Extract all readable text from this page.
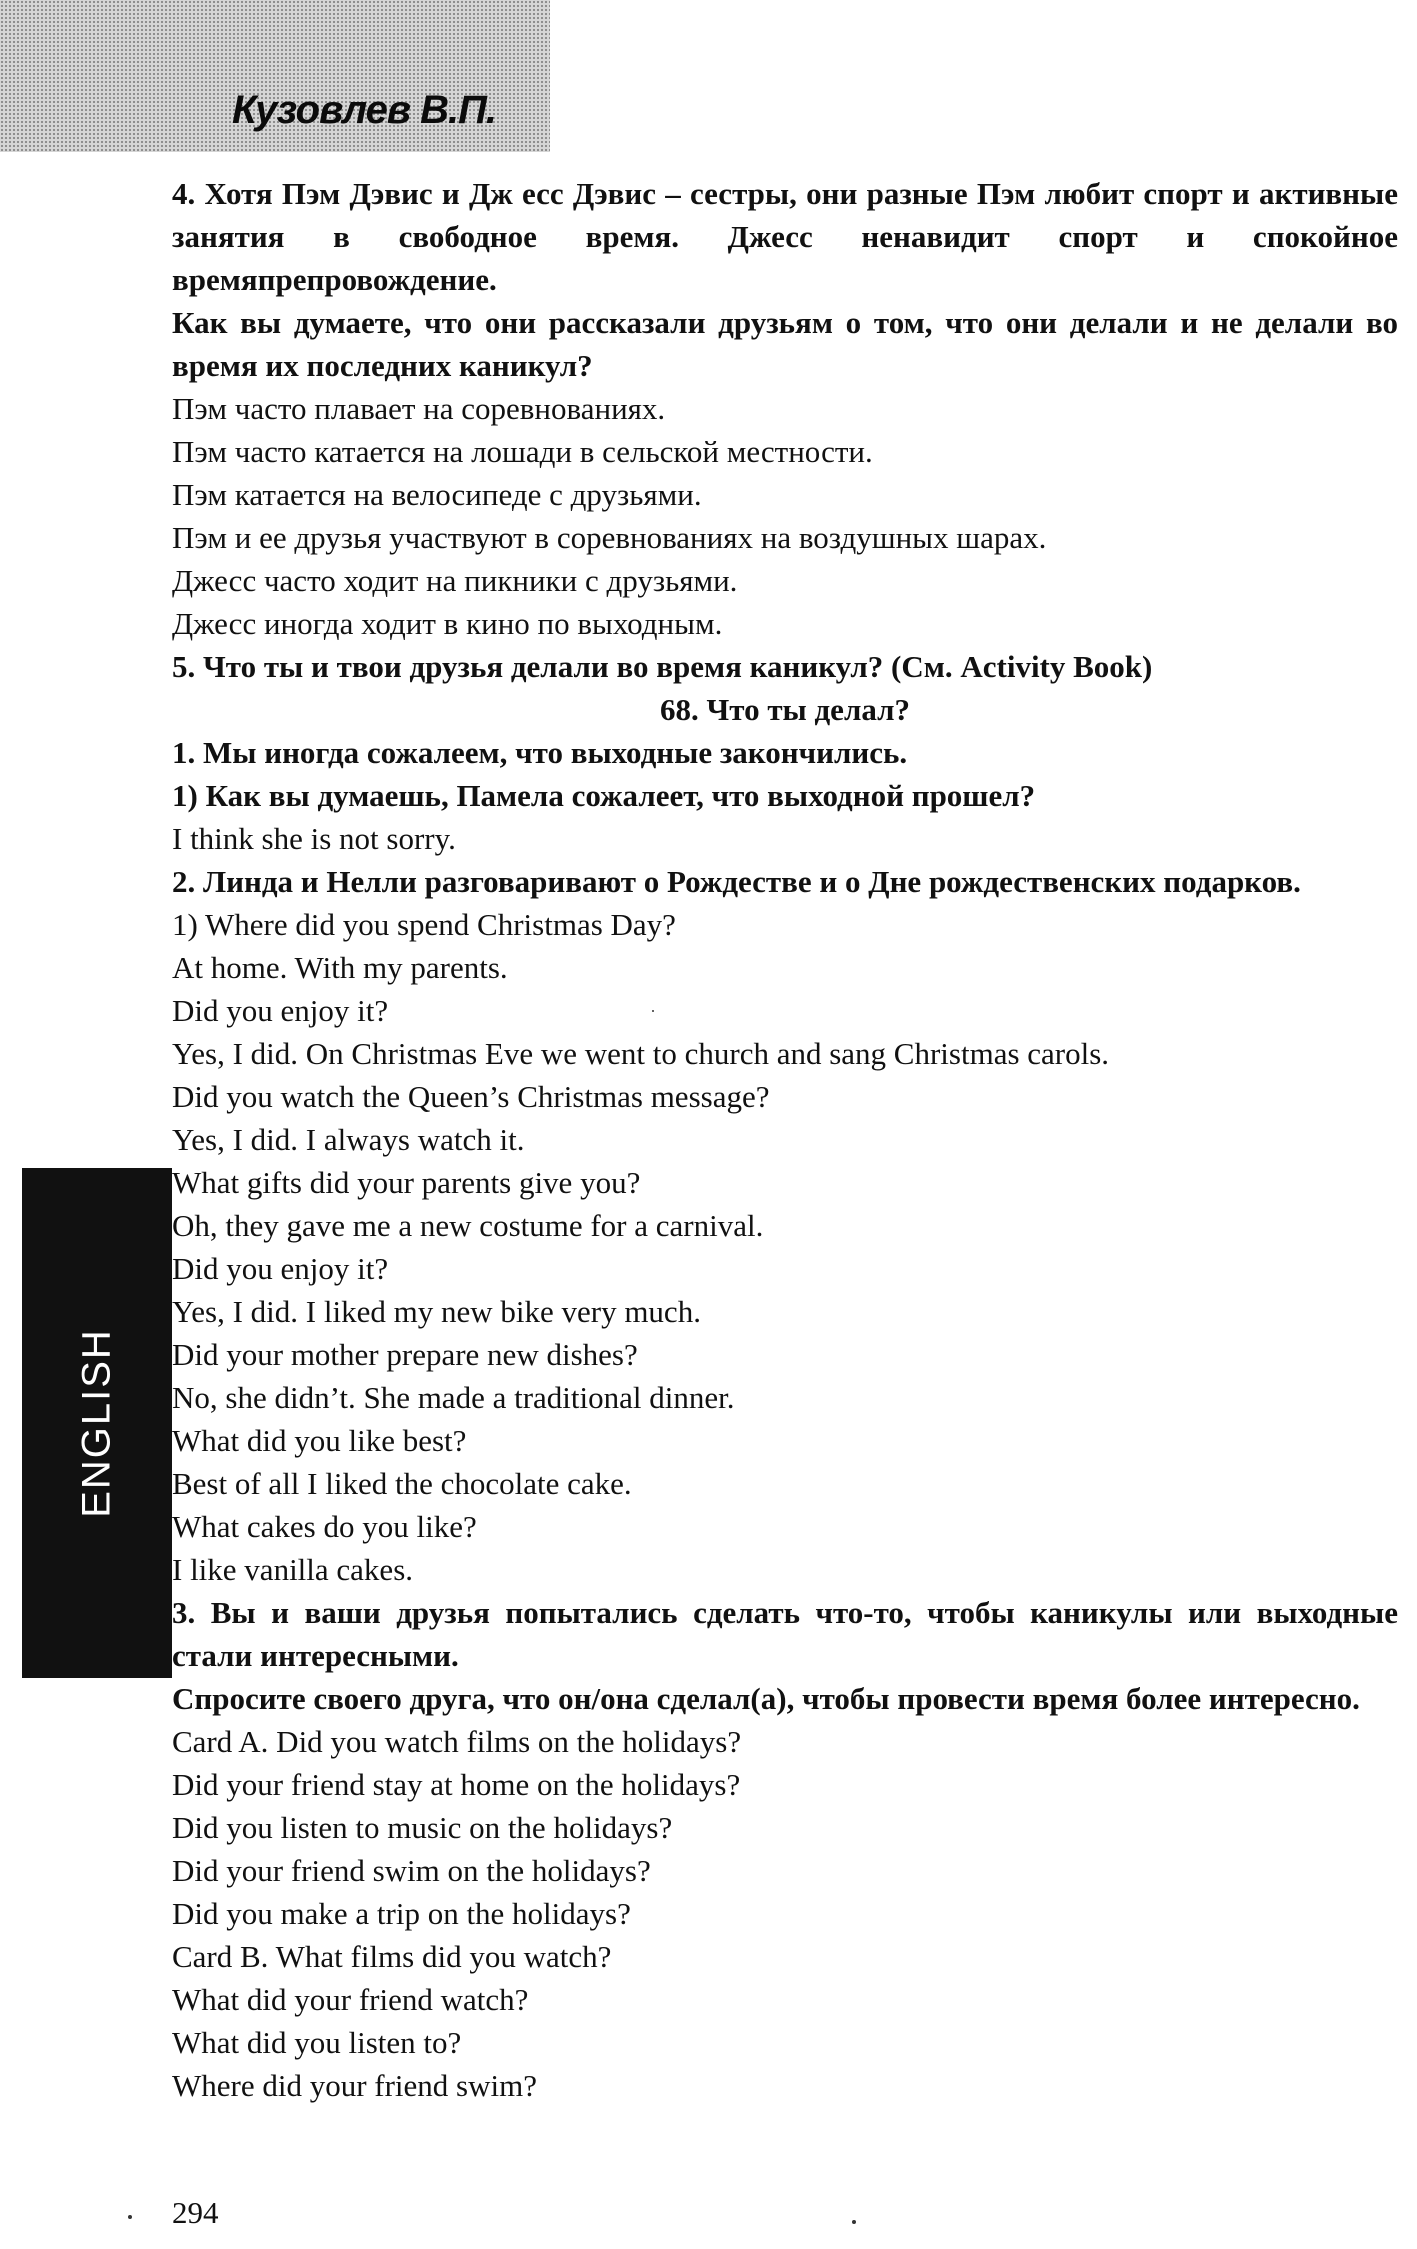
Кузовлев В.П.
ENGLISH

4. Хотя Пэм Дэвис и Дж есс Дэвис – сестры, они разные Пэм любит спорт и активные занятия в свободное время. Джесс ненавидит спорт и спокойное времяпрепровождение.

Как вы думаете, что они рассказали друзьям о том, что они делали и не делали во время их последних каникул?

Пэм часто плавает на соревнованиях.

Пэм часто катается на лошади в сельской местности.

Пэм катается на велосипеде с друзьями.

Пэм и ее друзья участвуют в соревнованиях на воздушных шарах.

Джесс часто ходит на пикники с друзьями.

Джесс иногда ходит в кино по выходным.

5. Что ты и твои друзья делали во время каникул? (См. Activity Book)

68. Что ты делал?

1. Мы иногда сожалеем, что выходные закончились.

1) Как вы думаешь, Памела сожалеет, что выходной прошел?

I think she is not sorry.

2. Линда и Нелли разговаривают о Рождестве и о Дне рождественских подарков.

1) Where did you spend Christmas Day?

At home. With my parents.

Did you enjoy it?

Yes, I did. On Christmas Eve we went to church and sang Christmas carols.

Did you watch the Queen’s Christmas message?

Yes, I did. I always watch it.

What gifts did your parents give you?

Oh, they gave me a new costume for a carnival.

Did you enjoy it?

Yes, I did. I liked my new bike very much.

Did your mother prepare new dishes?

No, she didn’t. She made a traditional dinner.

What did you like best?

Best of all I liked the chocolate cake.

What cakes do you like?

I like vanilla cakes.

3. Вы и ваши друзья попытались сделать что-то, чтобы каникулы или выходные стали интересными.

Спросите своего друга, что он/она сделал(а), чтобы провести время более интересно.

Card A. Did you watch films on the holidays?

Did your friend stay at home on the holidays?

Did you listen to music on the holidays?

Did your friend swim on the holidays?

Did you make a trip on the holidays?

Card B. What films did you watch?

What did your friend watch?

What did you listen to?

Where did your friend swim?

294
